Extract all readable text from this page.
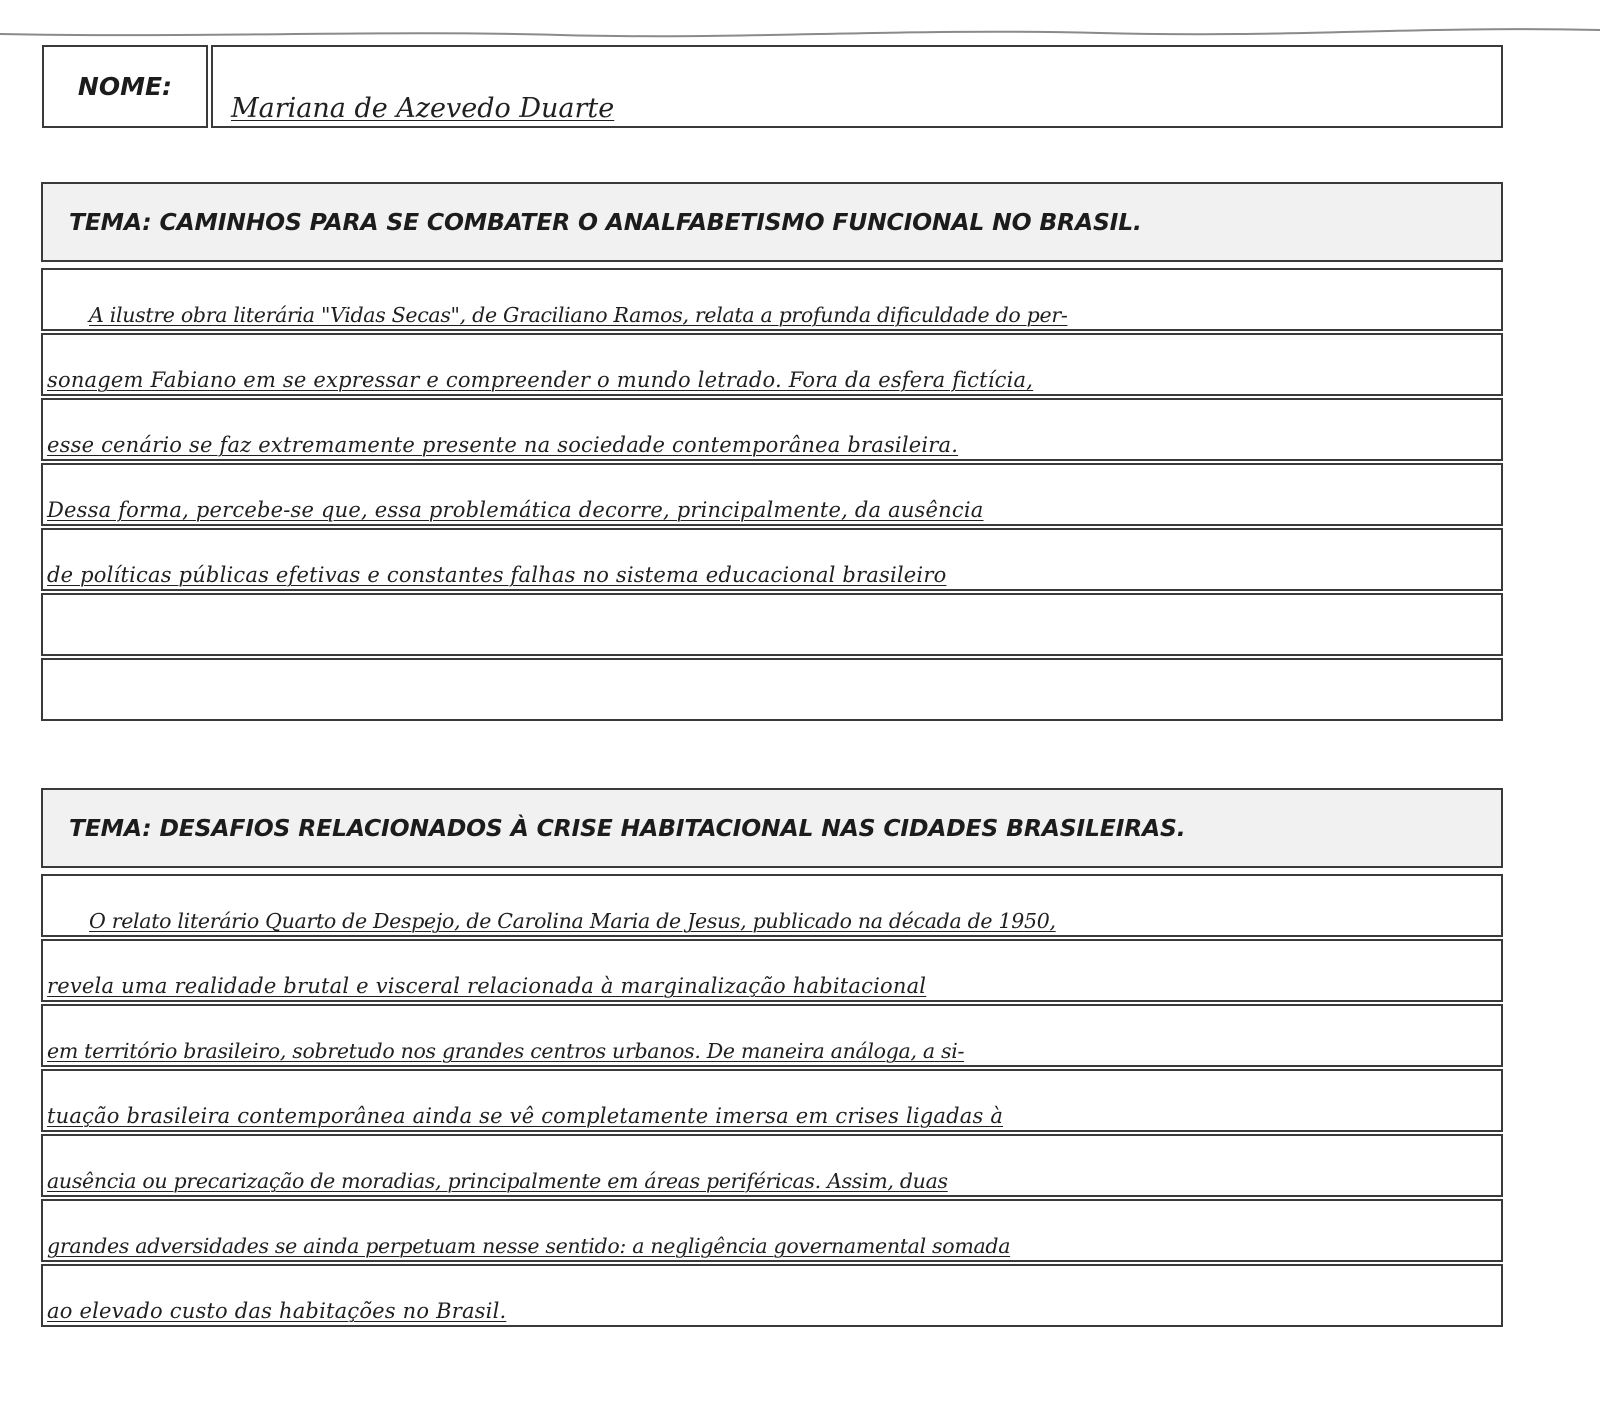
NOME:
Mariana de Azevedo Duarte
TEMA: CAMINHOS PARA SE COMBATER O ANALFABETISMO FUNCIONAL NO BRASIL.
A ilustre obra literária "Vidas Secas", de Graciliano Ramos, relata a profunda dificuldade do per-
sonagem Fabiano em se expressar e compreender o mundo letrado. Fora da esfera fictícia,
esse cenário se faz extremamente presente na sociedade contemporânea brasileira.
Dessa forma, percebe-se que, essa problemática decorre, principalmente, da ausência
de políticas públicas efetivas e constantes falhas no sistema educacional brasileiro
TEMA: DESAFIOS RELACIONADOS À CRISE HABITACIONAL NAS CIDADES BRASILEIRAS.
O relato literário Quarto de Despejo, de Carolina Maria de Jesus, publicado na década de 1950,
revela uma realidade brutal e visceral relacionada à marginalização habitacional
em território brasileiro, sobretudo nos grandes centros urbanos. De maneira análoga, a si-
tuação brasileira contemporânea ainda se vê completamente imersa em crises ligadas à
ausência ou precarização de moradias, principalmente em áreas periféricas. Assim, duas
grandes adversidades se ainda perpetuam nesse sentido: a negligência governamental somada
ao elevado custo das habitações no Brasil.
